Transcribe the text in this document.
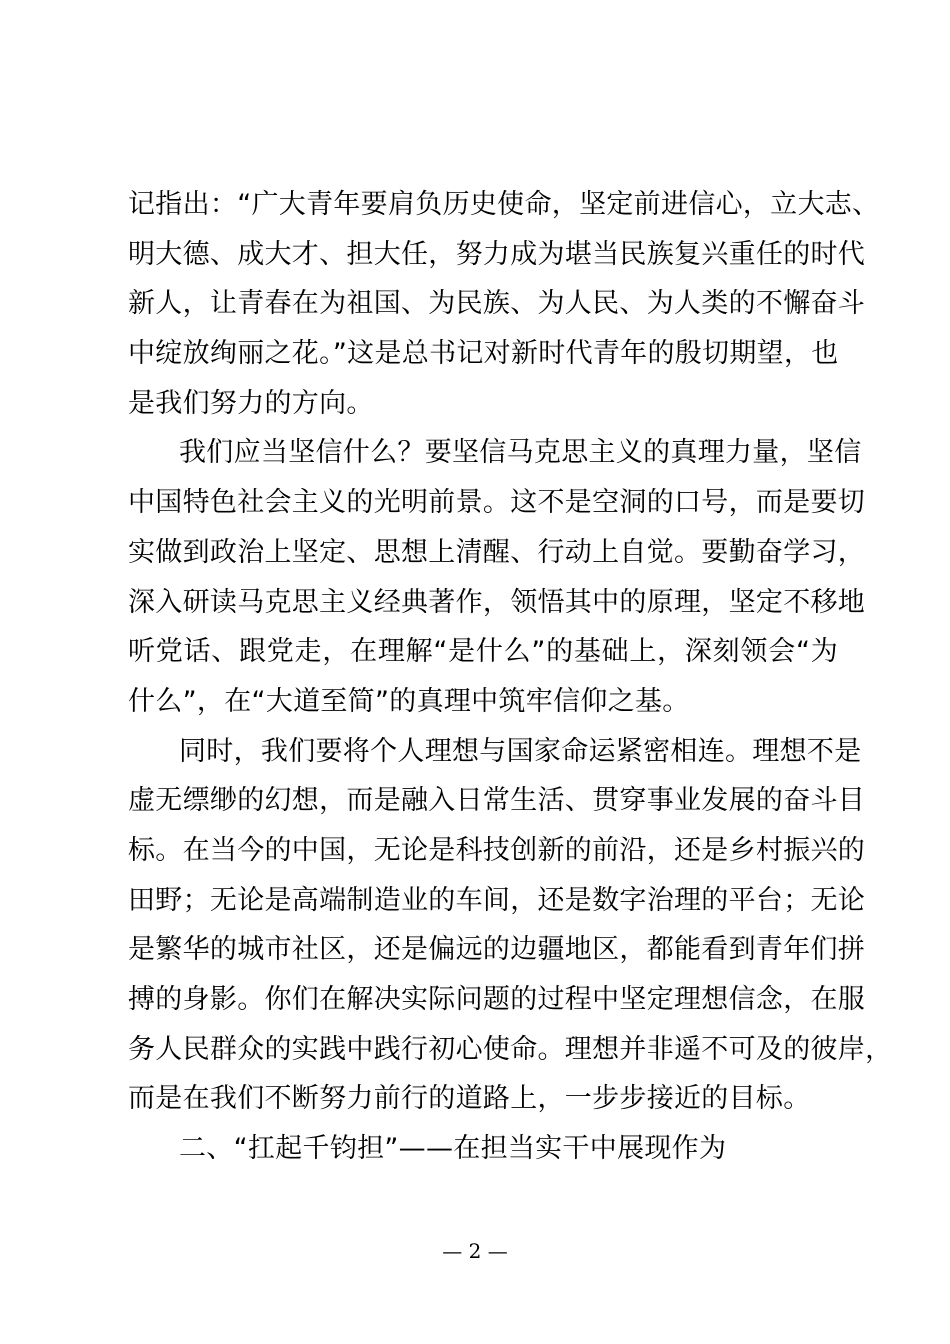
记指出：“广大青年要肩负历史使命，坚定前进信心，立大志、
明大德、成大才、担大任，努力成为堪当民族复兴重任的时代
新人，让青春在为祖国、为民族、为人民、为人类的不懈奋斗
中绽放绚丽之花。”这是总书记对新时代青年的殷切期望，也
是我们努力的方向。
我们应当坚信什么？要坚信马克思主义的真理力量，坚信
中国特色社会主义的光明前景。这不是空洞的口号，而是要切
实做到政治上坚定、思想上清醒、行动上自觉。要勤奋学习，
深入研读马克思主义经典著作，领悟其中的原理，坚定不移地
听党话、跟党走，在理解“是什么”的基础上，深刻领会“为
什么”，在“大道至简”的真理中筑牢信仰之基。
同时，我们要将个人理想与国家命运紧密相连。理想不是
虚无缥缈的幻想，而是融入日常生活、贯穿事业发展的奋斗目
标。在当今的中国，无论是科技创新的前沿，还是乡村振兴的
田野；无论是高端制造业的车间，还是数字治理的平台；无论
是繁华的城市社区，还是偏远的边疆地区，都能看到青年们拼
搏的身影。你们在解决实际问题的过程中坚定理想信念，在服
务人民群众的实践中践行初心使命。理想并非遥不可及的彼岸，
而是在我们不断努力前行的道路上，一步步接近的目标。
二、“扛起千钧担”——在担当实干中展现作为
— 2 —
